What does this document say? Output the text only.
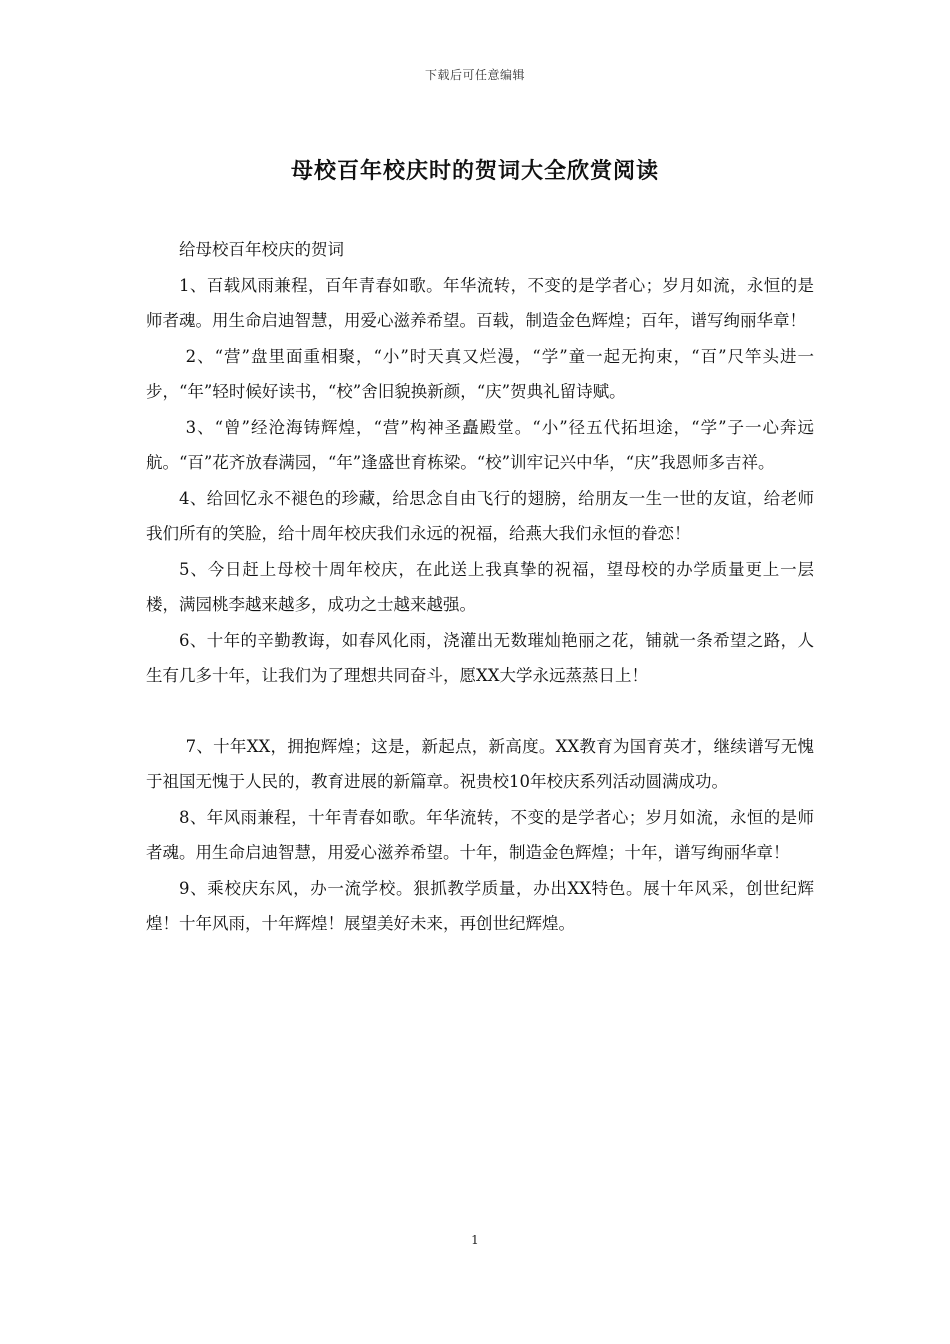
下载后可任意编辑
母校百年校庆时的贺词大全欣赏阅读

给母校百年校庆的贺词

1、百载风雨兼程，百年青春如歌。年华流转，不变的是学者心；岁月如流，永恒的是师者魂。用生命启迪智慧，用爱心滋养希望。百载，制造金色辉煌；百年，谱写绚丽华章！

2、“营”盘里面重相聚，“小”时天真又烂漫，“学”童一起无拘束，“百”尺竿头进一步，“年”轻时候好读书，“校”舍旧貌换新颜，“庆”贺典礼留诗赋。

3、“曾”经沧海铸辉煌，“营”构神圣矗殿堂。“小”径五代拓坦途，“学”子一心奔远航。“百”花齐放春满园，“年”逢盛世育栋梁。“校”训牢记兴中华，“庆”我恩师多吉祥。

4、给回忆永不褪色的珍藏，给思念自由飞行的翅膀，给朋友一生一世的友谊，给老师我们所有的笑脸，给十周年校庆我们永远的祝福，给燕大我们永恒的眷恋！

5、今日赶上母校十周年校庆，在此送上我真挚的祝福，望母校的办学质量更上一层楼，满园桃李越来越多，成功之士越来越强。

6、十年的辛勤教诲，如春风化雨，浇灌出无数璀灿艳丽之花，铺就一条希望之路，人生有几多十年，让我们为了理想共同奋斗，愿XX大学永远蒸蒸日上！

7、十年XX，拥抱辉煌；这是，新起点，新高度。XX教育为国育英才，继续谱写无愧于祖国无愧于人民的，教育进展的新篇章。祝贵校10年校庆系列活动圆满成功。

8、年风雨兼程，十年青春如歌。年华流转，不变的是学者心；岁月如流，永恒的是师者魂。用生命启迪智慧，用爱心滋养希望。十年，制造金色辉煌；十年，谱写绚丽华章！

9、乘校庆东风，办一流学校。狠抓教学质量，办出XX特色。展十年风采，创世纪辉煌！十年风雨，十年辉煌！展望美好未来，再创世纪辉煌。

1
